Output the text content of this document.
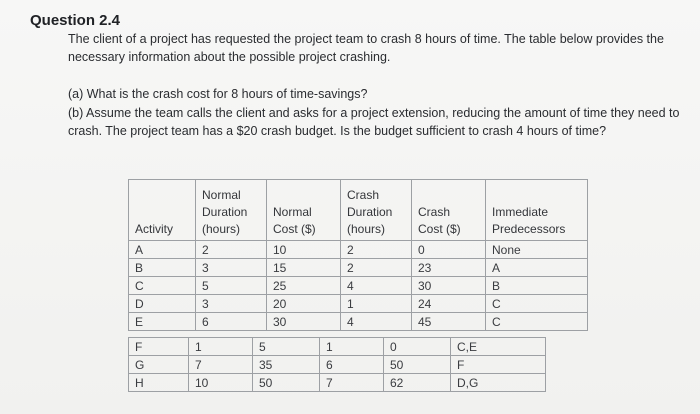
Question 2.4
The client of a project has requested the project team to crash 8 hours of time. The table below provides the necessary information about the possible project crashing.
(a) What is the crash cost for 8 hours of time-savings?
(b) Assume the team calls the client and asks for a project extension, reducing the amount of time they need to crash. The project team has a $20 crash budget. Is the budget sufficient to crash 4 hours of time?
Activity	Normal
Duration
(hours)	Normal
Cost ($)	Crash
Duration
(hours)	Crash
Cost ($)	Immediate
Predecessors
A	2	10	2	0	None
B	3	15	2	23	A
C	5	25	4	30	B
D	3	20	1	24	C
E	6	30	4	45	C
F	1	5	1	0	C,E
G	7	35	6	50	F
H	10	50	7	62	D,G
